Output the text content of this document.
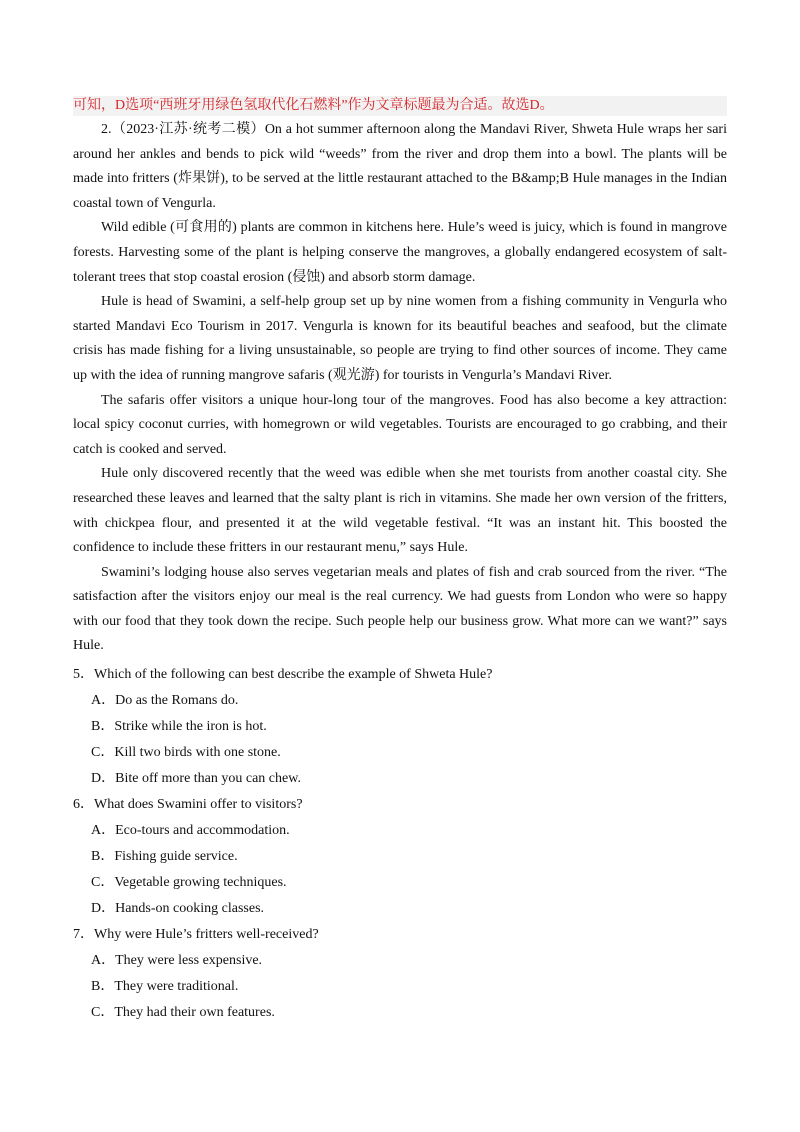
可知，D选项“西班牙用绿色氢取代化石燃料”作为文章标题最为合适。故选D。

2.（2023·江苏·统考二模）On a hot summer afternoon along the Mandavi River, Shweta Hule wraps her sari around her ankles and bends to pick wild “weeds” from the river and drop them into a bowl. The plants will be made into fritters (炸果饼), to be served at the little restaurant attached to the B&amp;B Hule manages in the Indian coastal town of Vengurla.

Wild edible (可食用的) plants are common in kitchens here. Hule’s weed is juicy, which is found in mangrove forests. Harvesting some of the plant is helping conserve the mangroves, a globally endangered ecosystem of salt-tolerant trees that stop coastal erosion (侵蚀) and absorb storm damage.

Hule is head of Swamini, a self-help group set up by nine women from a fishing community in Vengurla who started Mandavi Eco Tourism in 2017. Vengurla is known for its beautiful beaches and seafood, but the climate crisis has made fishing for a living unsustainable, so people are trying to find other sources of income. They came up with the idea of running mangrove safaris (观光游) for tourists in Vengurla’s Mandavi River.

The safaris offer visitors a unique hour-long tour of the mangroves. Food has also become a key attraction: local spicy coconut curries, with homegrown or wild vegetables. Tourists are encouraged to go crabbing, and their catch is cooked and served.

Hule only discovered recently that the weed was edible when she met tourists from another coastal city. She researched these leaves and learned that the salty plant is rich in vitamins. She made her own version of the fritters, with chickpea flour, and presented it at the wild vegetable festival. “It was an instant hit. This boosted the confidence to include these fritters in our restaurant menu,” says Hule.

Swamini’s lodging house also serves vegetarian meals and plates of fish and crab sourced from the river. “The satisfaction after the visitors enjoy our meal is the real currency. We had guests from London who were so happy with our food that they took down the recipe. Such people help our business grow. What more can we want?” says Hule.

5．Which of the following can best describe the example of Shweta Hule?

A．Do as the Romans do.

B．Strike while the iron is hot.

C．Kill two birds with one stone.

D．Bite off more than you can chew.

6．What does Swamini offer to visitors?

A．Eco-tours and accommodation.

B．Fishing guide service.

C．Vegetable growing techniques.

D．Hands-on cooking classes.

7．Why were Hule’s fritters well-received?

A．They were less expensive.

B．They were traditional.

C．They had their own features.
